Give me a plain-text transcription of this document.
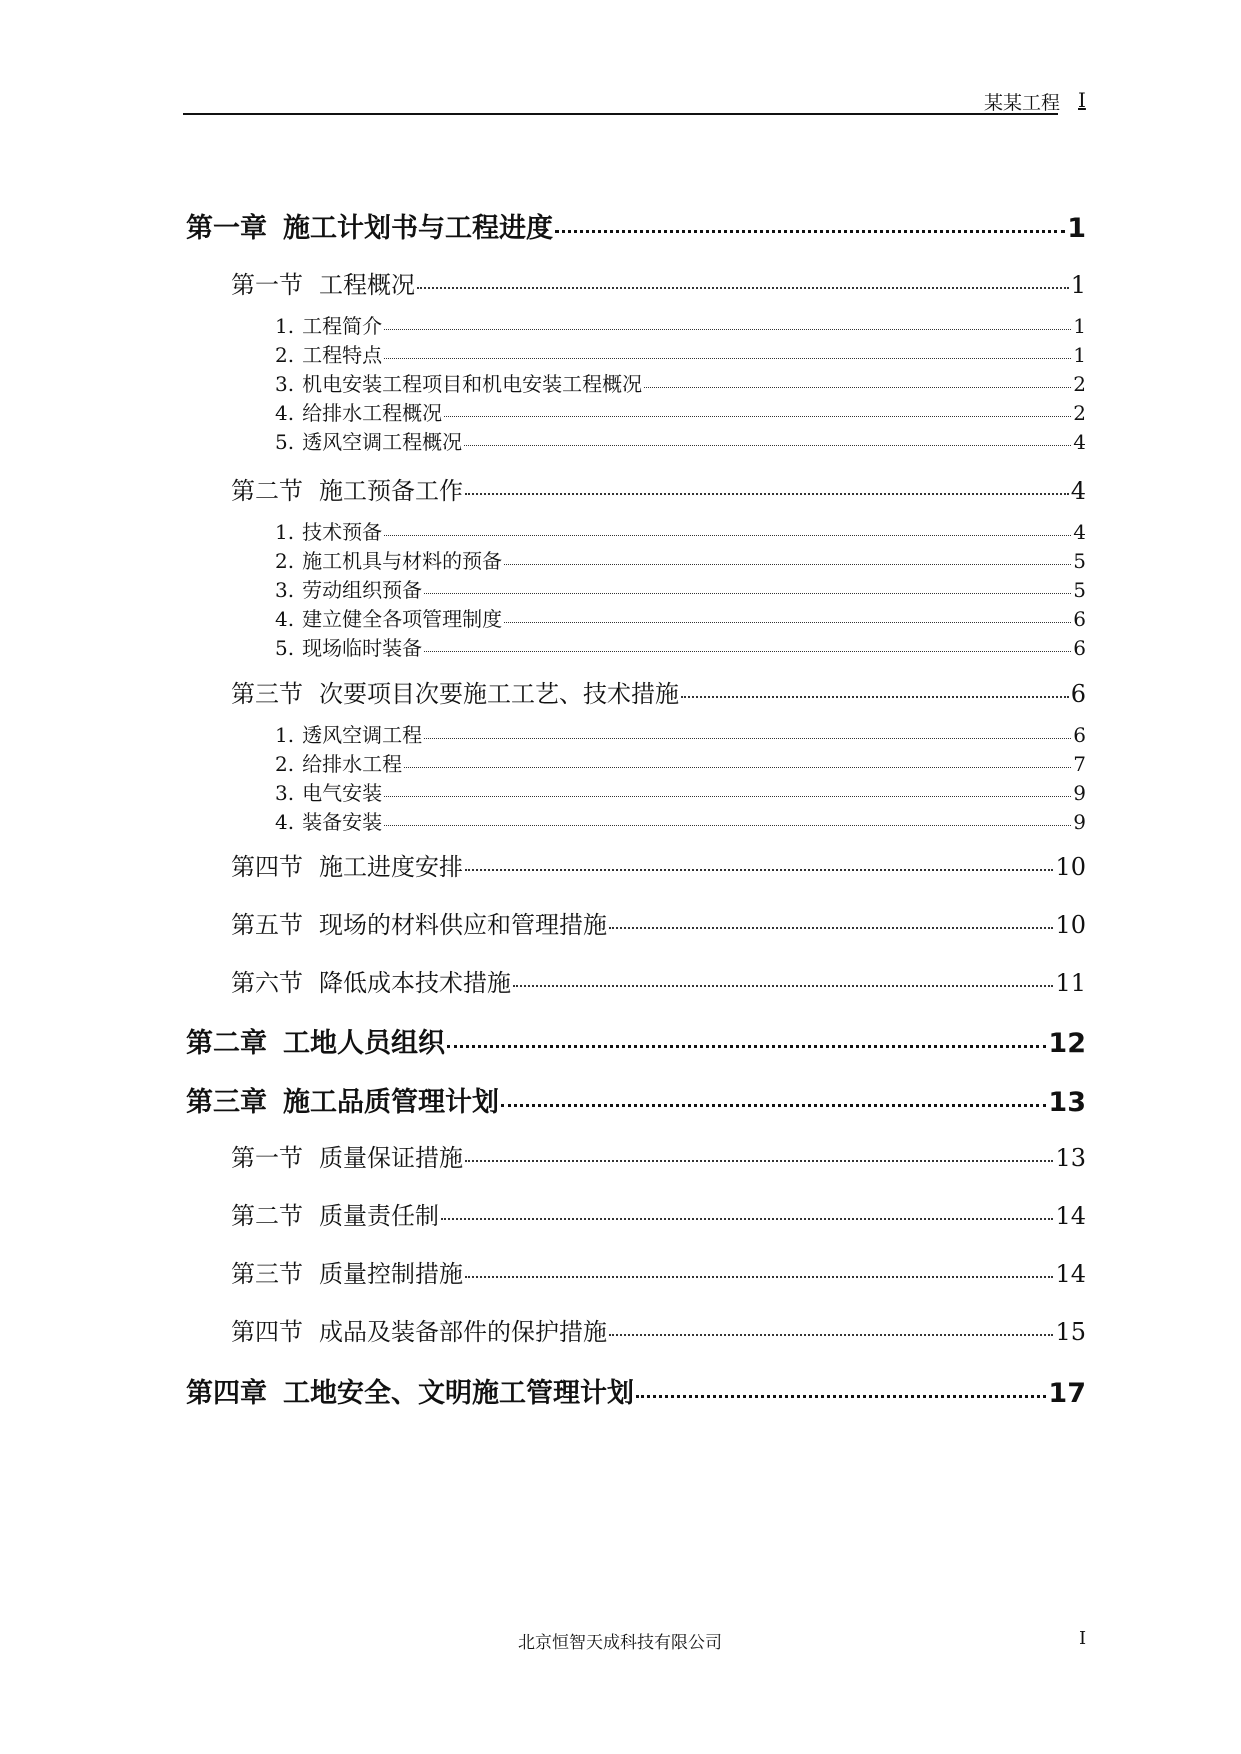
某某工程 I
第一章 施工计划书与工程进度	1
第一节 工程概况	1
1. 工程简介	1
2. 工程特点	1
3. 机电安装工程项目和机电安装工程概况	2
4. 给排水工程概况	2
5. 透风空调工程概况	4
第二节 施工预备工作	4
1. 技术预备	4
2. 施工机具与材料的预备	5
3. 劳动组织预备	5
4. 建立健全各项管理制度	6
5. 现场临时装备	6
第三节 次要项目次要施工工艺、技术措施	6
1. 透风空调工程	6
2. 给排水工程	7
3. 电气安装	9
4. 装备安装	9
第四节 施工进度安排	10
第五节 现场的材料供应和管理措施	10
第六节 降低成本技术措施	11
第二章 工地人员组织	12
第三章 施工品质管理计划	13
第一节 质量保证措施	13
第二节 质量责任制	14
第三节 质量控制措施	14
第四节 成品及装备部件的保护措施	15
第四章 工地安全、文明施工管理计划	17
北京恒智天成科技有限公司	I
